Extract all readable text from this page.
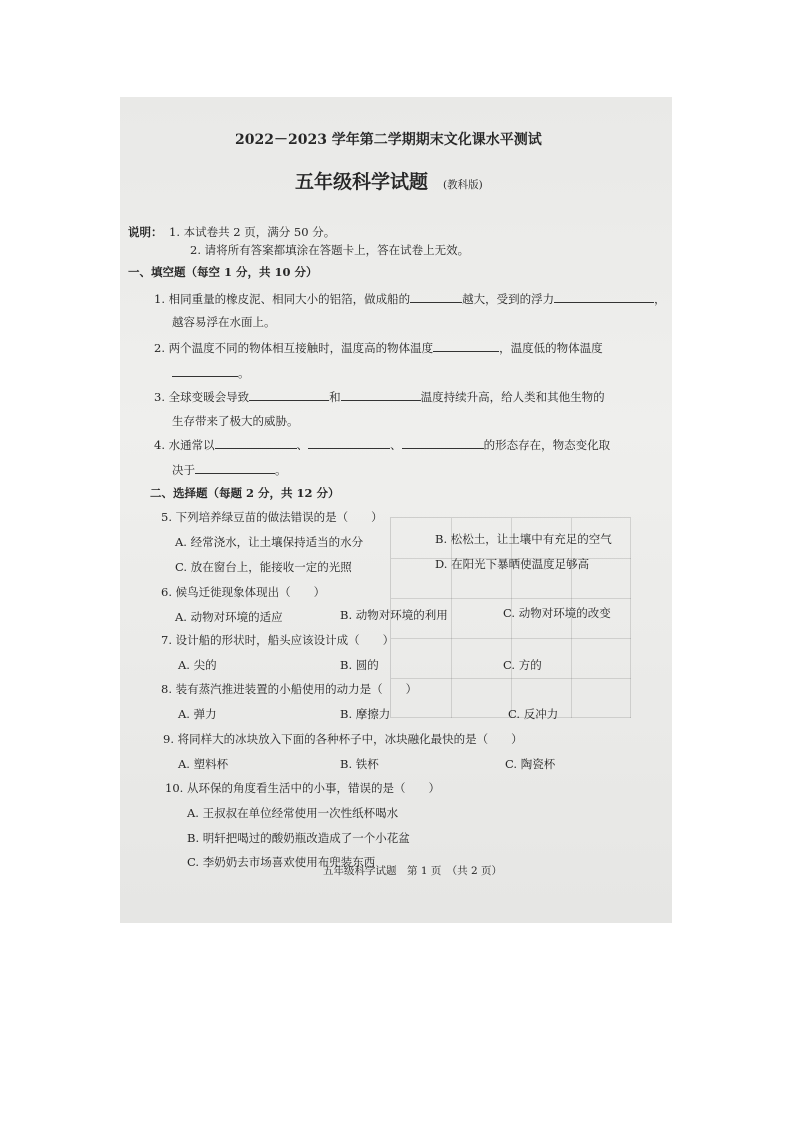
2022－2023 学年第二学期期末文化课水平测试
五年级科学试题 (教科版)
说明： 1. 本试卷共 2 页，满分 50 分。
2. 请将所有答案都填涂在答题卡上，答在试卷上无效。
一、填空题（每空 1 分，共 10 分）
1. 相同重量的橡皮泥、相同大小的铝箔，做成船的	越大，受到的浮力	，
越容易浮在水面上。
2. 两个温度不同的物体相互接触时，温度高的物体温度	，温度低的物体温度
。
3. 全球变暖会导致	和	温度持续升高，给人类和其他生物的
生存带来了极大的威胁。
4. 水通常以	、	、	的形态存在，物态变化取
决于	。
二、选择题（每题 2 分，共 12 分）
5. 下列培养绿豆苗的做法错误的是（　　）
A. 经常浇水，让土壤保持适当的水分	B. 松松土，让土壤中有充足的空气
C. 放在窗台上，能接收一定的光照	D. 在阳光下暴晒使温度足够高
6. 候鸟迁徙现象体现出（　　）
A. 动物对环境的适应	B. 动物对环境的利用	C. 动物对环境的改变
7. 设计船的形状时，船头应该设计成（　　）
A. 尖的	B. 圆的	C. 方的
8. 装有蒸汽推进装置的小船使用的动力是（　　）
A. 弹力	B. 摩擦力	C. 反冲力
9. 将同样大的冰块放入下面的各种杯子中，冰块融化最快的是（　　）
A. 塑料杯	B. 铁杯	C. 陶瓷杯
10. 从环保的角度看生活中的小事，错误的是（　　）
A. 王叔叔在单位经常使用一次性纸杯喝水
B. 明轩把喝过的酸奶瓶改造成了一个小花盆
C. 李奶奶去市场喜欢使用布兜装东西
五年级科学试题　第 1 页　（共 2 页）
